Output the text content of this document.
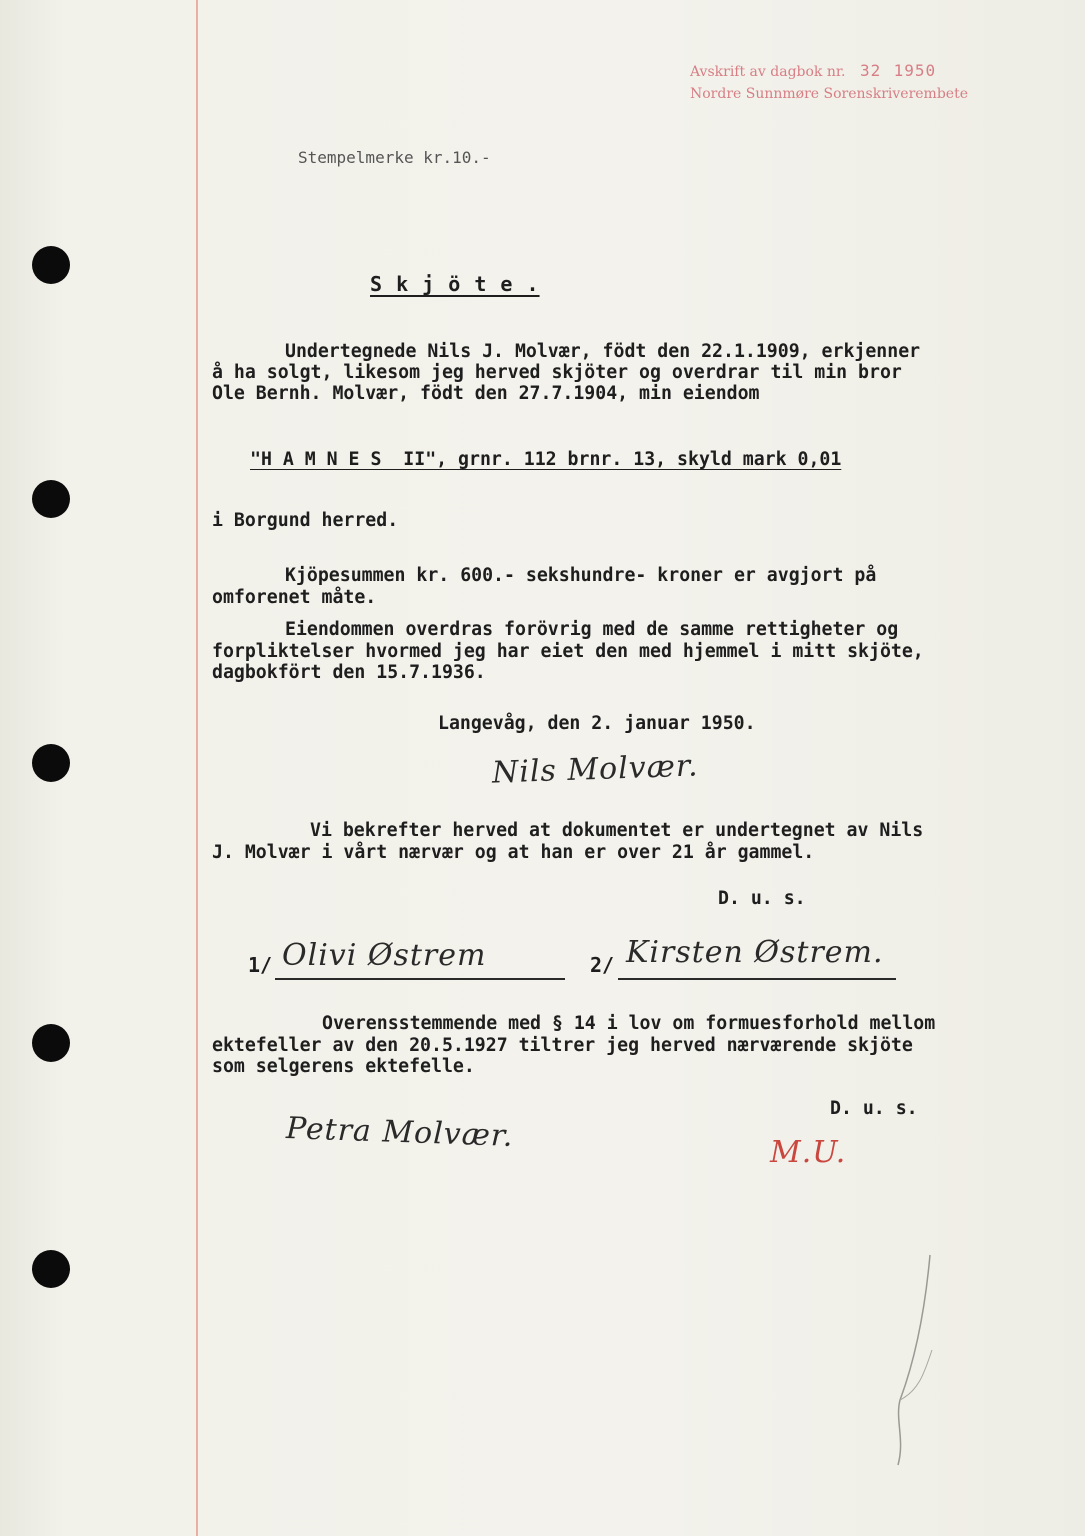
Avskrift av dagbok nr. 32 1950
Nordre Sunnmøre Sorenskriverembete
Stempelmerke kr.10.-
S k j ö t e .
Undertegnede Nils J. Molvær, födt den 22.1.1909, erkjenner
å ha solgt, likesom jeg herved skjöter og overdrar til min bror
Ole Bernh. Molvær, födt den 27.7.1904, min eiendom
"H A M N E S  II", grnr. 112 brnr. 13, skyld mark 0,01
i Borgund herred.
Kjöpesummen kr. 600.- sekshundre- kroner er avgjort på
omforenet måte.
Eiendommen overdras forövrig med de samme rettigheter og
forpliktelser hvormed jeg har eiet den med hjemmel i mitt skjöte,
dagbokfört den 15.7.1936.
Langevåg, den 2. januar 1950.
Nils Molvær.
Vi bekrefter herved at dokumentet er undertegnet av Nils
J. Molvær i vårt nærvær og at han er over 21 år gammel.
D. u. s.
1/ Olivi Østrem	2/ Kirsten Østrem.
Overensstemmende med § 14 i lov om formuesforhold mellom
ektefeller av den 20.5.1927 tiltrer jeg herved nærværende skjöte
som selgerens ektefelle.
D. u. s.
Petra Molvær.	M.U.
